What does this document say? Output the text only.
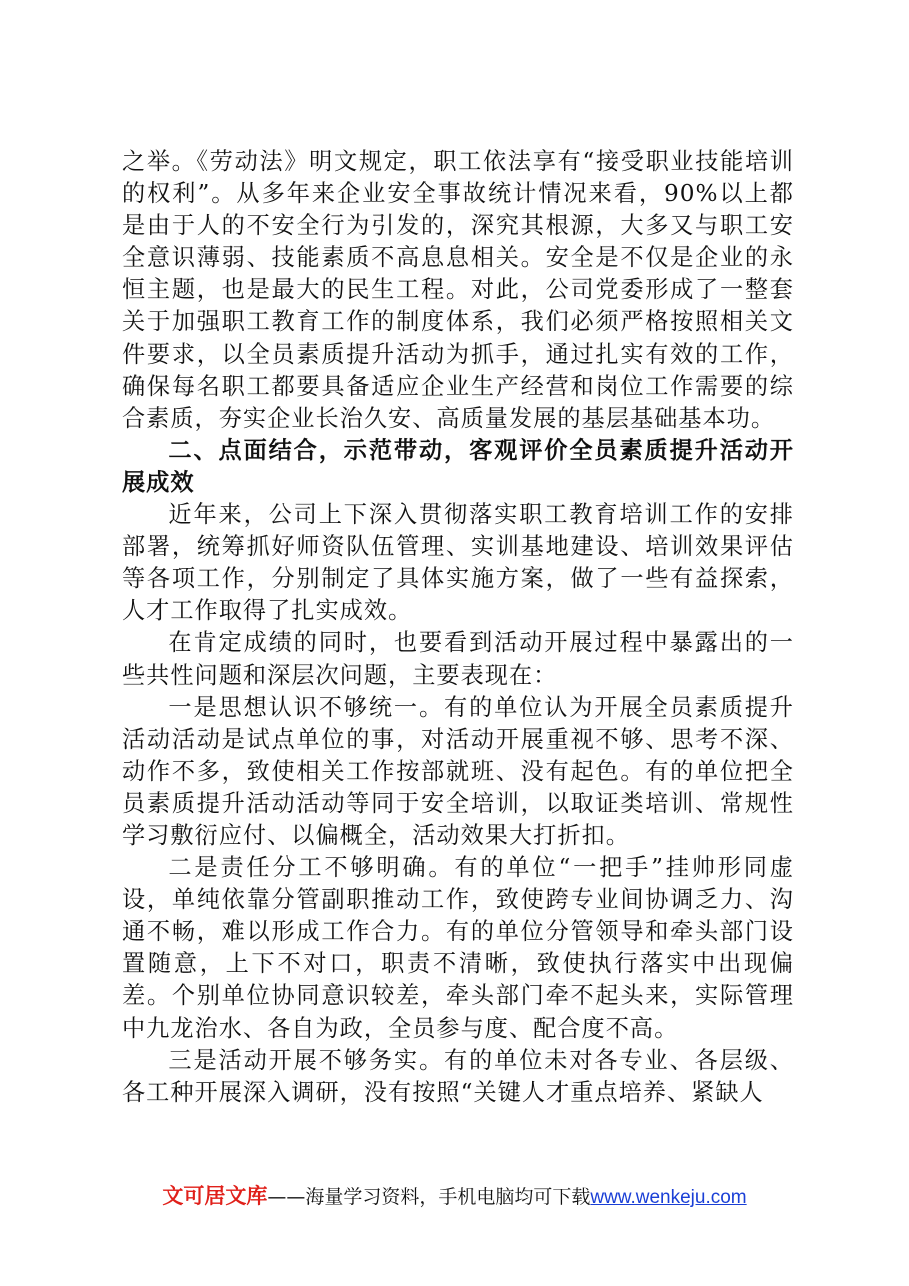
之举。《劳动法》明文规定，职工依法享有“接受职业技能培训的权利”。从多年来企业安全事故统计情况来看，90%以上都是由于人的不安全行为引发的，深究其根源，大多又与职工安全意识薄弱、技能素质不高息息相关。安全是不仅是企业的永恒主题，也是最大的民生工程。对此，公司党委形成了一整套关于加强职工教育工作的制度体系，我们必须严格按照相关文件要求，以全员素质提升活动为抓手，通过扎实有效的工作，确保每名职工都要具备适应企业生产经营和岗位工作需要的综合素质，夯实企业长治久安、高质量发展的基层基础基本功。

二、点面结合，示范带动，客观评价全员素质提升活动开展成效

近年来，公司上下深入贯彻落实职工教育培训工作的安排部署，统筹抓好师资队伍管理、实训基地建设、培训效果评估等各项工作，分别制定了具体实施方案，做了一些有益探索，人才工作取得了扎实成效。

在肯定成绩的同时，也要看到活动开展过程中暴露出的一些共性问题和深层次问题，主要表现在：

一是思想认识不够统一。有的单位认为开展全员素质提升活动活动是试点单位的事，对活动开展重视不够、思考不深、动作不多，致使相关工作按部就班、没有起色。有的单位把全员素质提升活动活动等同于安全培训，以取证类培训、常规性学习敷衍应付、以偏概全，活动效果大打折扣。

二是责任分工不够明确。有的单位“一把手”挂帅形同虚设，单纯依靠分管副职推动工作，致使跨专业间协调乏力、沟通不畅，难以形成工作合力。有的单位分管领导和牵头部门设置随意，上下不对口，职责不清晰，致使执行落实中出现偏差。个别单位协同意识较差，牵头部门牵不起头来，实际管理中九龙治水、各自为政，全员参与度、配合度不高。

三是活动开展不够务实。有的单位未对各专业、各层级、各工种开展深入调研，没有按照“关键人才重点培养、紧缺人

文可居文库——海量学习资料，手机电脑均可下载www.wenkeju.com
